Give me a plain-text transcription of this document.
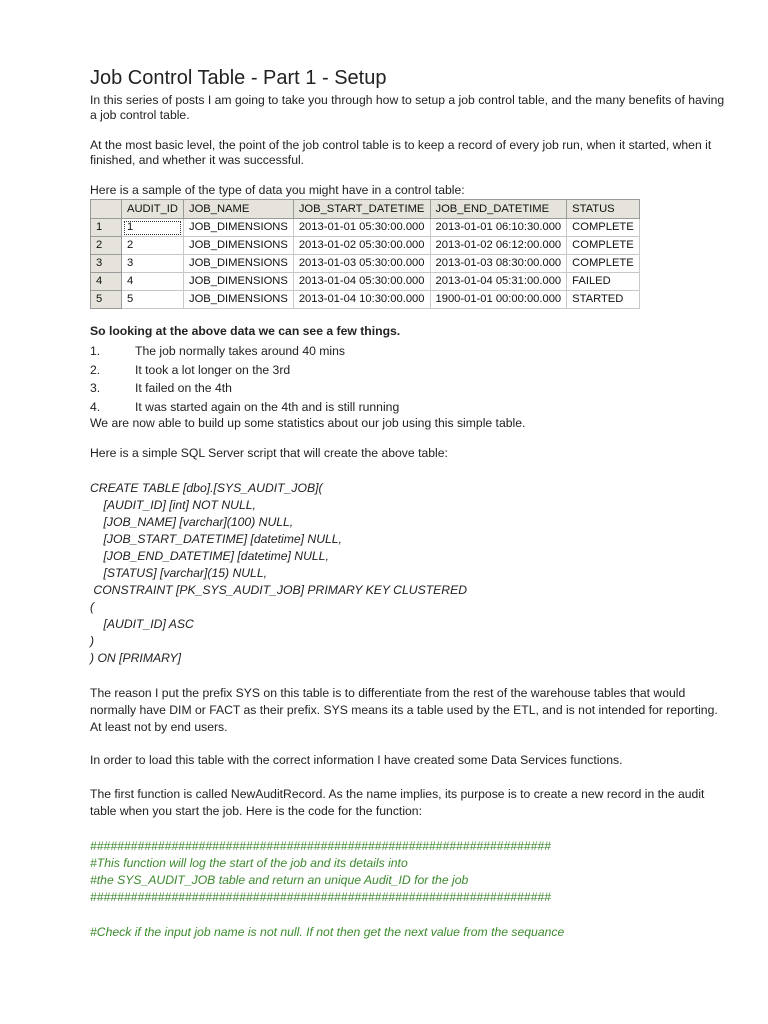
Job Control Table - Part 1 - Setup

In this series of posts I am going to take you through how to setup a job control table, and the many benefits of having a job control table.

At the most basic level, the point of the job control table is to keep a record of every job run, when it started, when it finished, and whether it was successful.

Here is a sample of the type of data you might have in a control table:

	AUDIT_ID	JOB_NAME	JOB_START_DATETIME	JOB_END_DATETIME	STATUS
1	1	JOB_DIMENSIONS	2013-01-01 05:30:00.000	2013-01-01 06:10:30.000	COMPLETE
2	2	JOB_DIMENSIONS	2013-01-02 05:30:00.000	2013-01-02 06:12:00.000	COMPLETE
3	3	JOB_DIMENSIONS	2013-01-03 05:30:00.000	2013-01-03 08:30:00.000	COMPLETE
4	4	JOB_DIMENSIONS	2013-01-04 05:30:00.000	2013-01-04 05:31:00.000	FAILED
5	5	JOB_DIMENSIONS	2013-01-04 10:30:00.000	1900-01-01 00:00:00.000	STARTED

So looking at the above data we can see a few things.

1.	The job normally takes around 40 mins
2.	It took a lot longer on the 3rd
3.	It failed on the 4th
4.	It was started again on the 4th and is still running

We are now able to build up some statistics about our job using this simple table.

Here is a simple SQL Server script that will create the above table:

CREATE TABLE [dbo].[SYS_AUDIT_JOB](
[AUDIT_ID] [int] NOT NULL,
[JOB_NAME] [varchar](100) NULL,
[JOB_START_DATETIME] [datetime] NULL,
[JOB_END_DATETIME] [datetime] NULL,
[STATUS] [varchar](15) NULL,
CONSTRAINT [PK_SYS_AUDIT_JOB] PRIMARY KEY CLUSTERED
(
[AUDIT_ID] ASC
)
) ON [PRIMARY]

The reason I put the prefix SYS on this table is to differentiate from the rest of the warehouse tables that would normally have DIM or FACT as their prefix. SYS means its a table used by the ETL, and is not intended for reporting. At least not by end users.

In order to load this table with the correct information I have created some Data Services functions.

The first function is called NewAuditRecord. As the name implies, its purpose is to create a new record in the audit table when you start the job. Here is the code for the function:

####################################################################
#This function will log the start of the job and its details into
#the SYS_AUDIT_JOB table and return an unique Audit_ID for the job
####################################################################
#Check if the input job name is not null. If not then get the next value from the sequance
